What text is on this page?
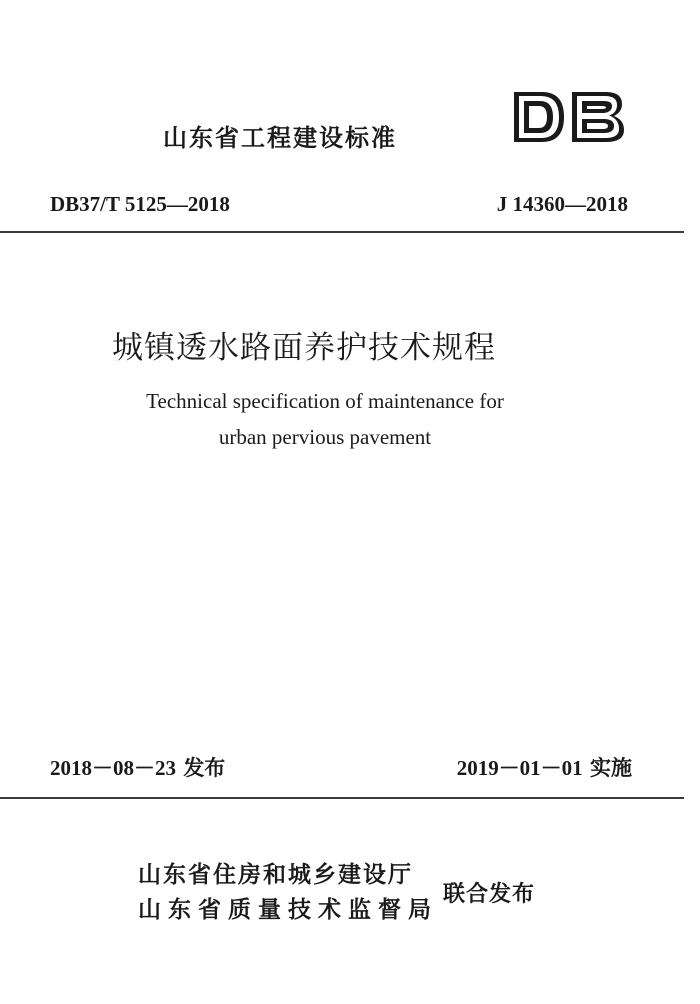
山东省工程建设标准
DB37/T 5125—2018	J 14360—2018
城镇透水路面养护技术规程
Technical specification of maintenance for
urban pervious pavement
2018－08－23 发布	2019－01－01 实施
山东省住房和城乡建设厅
山东省质量技术监督局
联合发布
